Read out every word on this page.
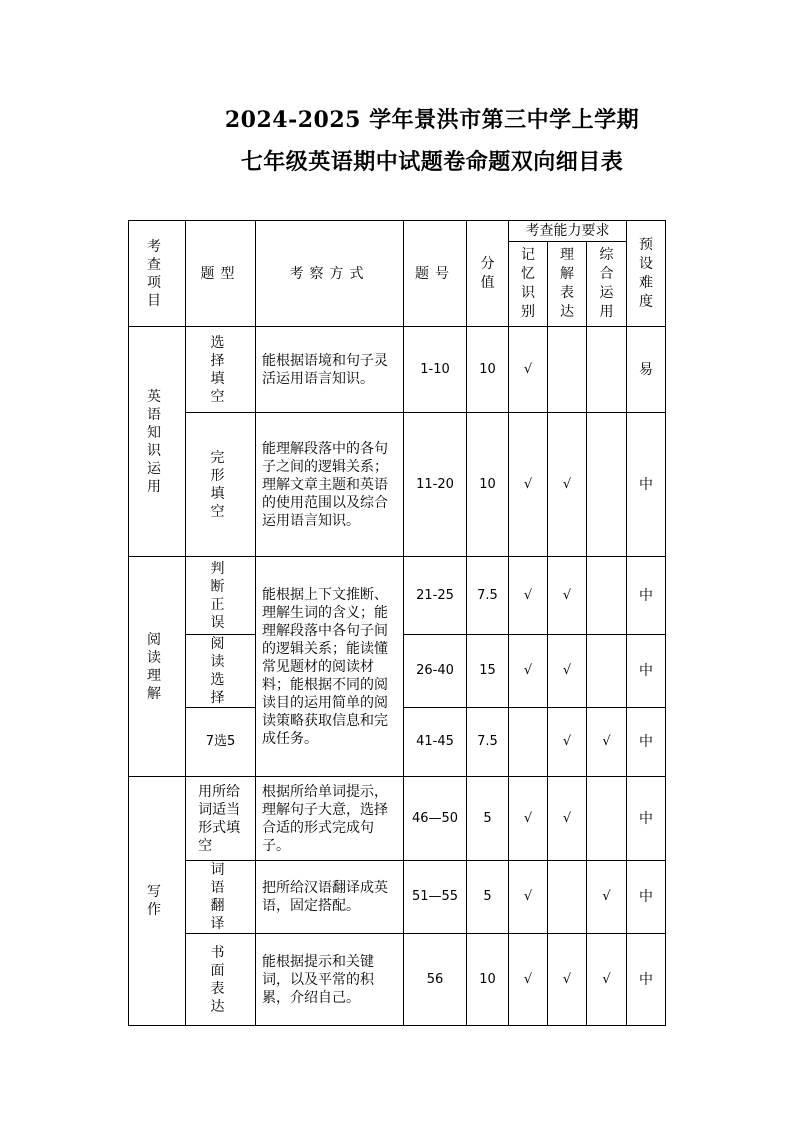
2024-2025 学年景洪市第三中学上学期
七年级英语期中试题卷命题双向细目表
考查项目	题型	考察方式	题号	分值	考查能力要求			预设难度
					记忆识别	理解表达	综合运用	
英语知识运用	选择填空	能根据语境和句子灵活运用语言知识。	1-10	10	√			易
	完形填空	能理解段落中的各句子之间的逻辑关系；理解文章主题和英语的使用范围以及综合运用语言知识。	11-20	10	√	√		中
阅读理解	判断正误	能根据上下文推断、理解生词的含义；能理解段落中各句子间的逻辑关系；能读懂常见题材的阅读材料；能根据不同的阅读目的运用简单的阅读策略获取信息和完成任务。	21-25	7.5	√	√		中
	阅读选择		26-40	15	√	√		中
	7选5		41-45	7.5		√	√	中
写作	用所给词适当形式填空	根据所给单词提示，理解句子大意，选择合适的形式完成句子。	46—50	5	√	√		中
	词语翻译	把所给汉语翻译成英语，固定搭配。	51—55	5	√		√	中
	书面表达	能根据提示和关键词，以及平常的积累，介绍自己。	56	10	√	√	√	中
